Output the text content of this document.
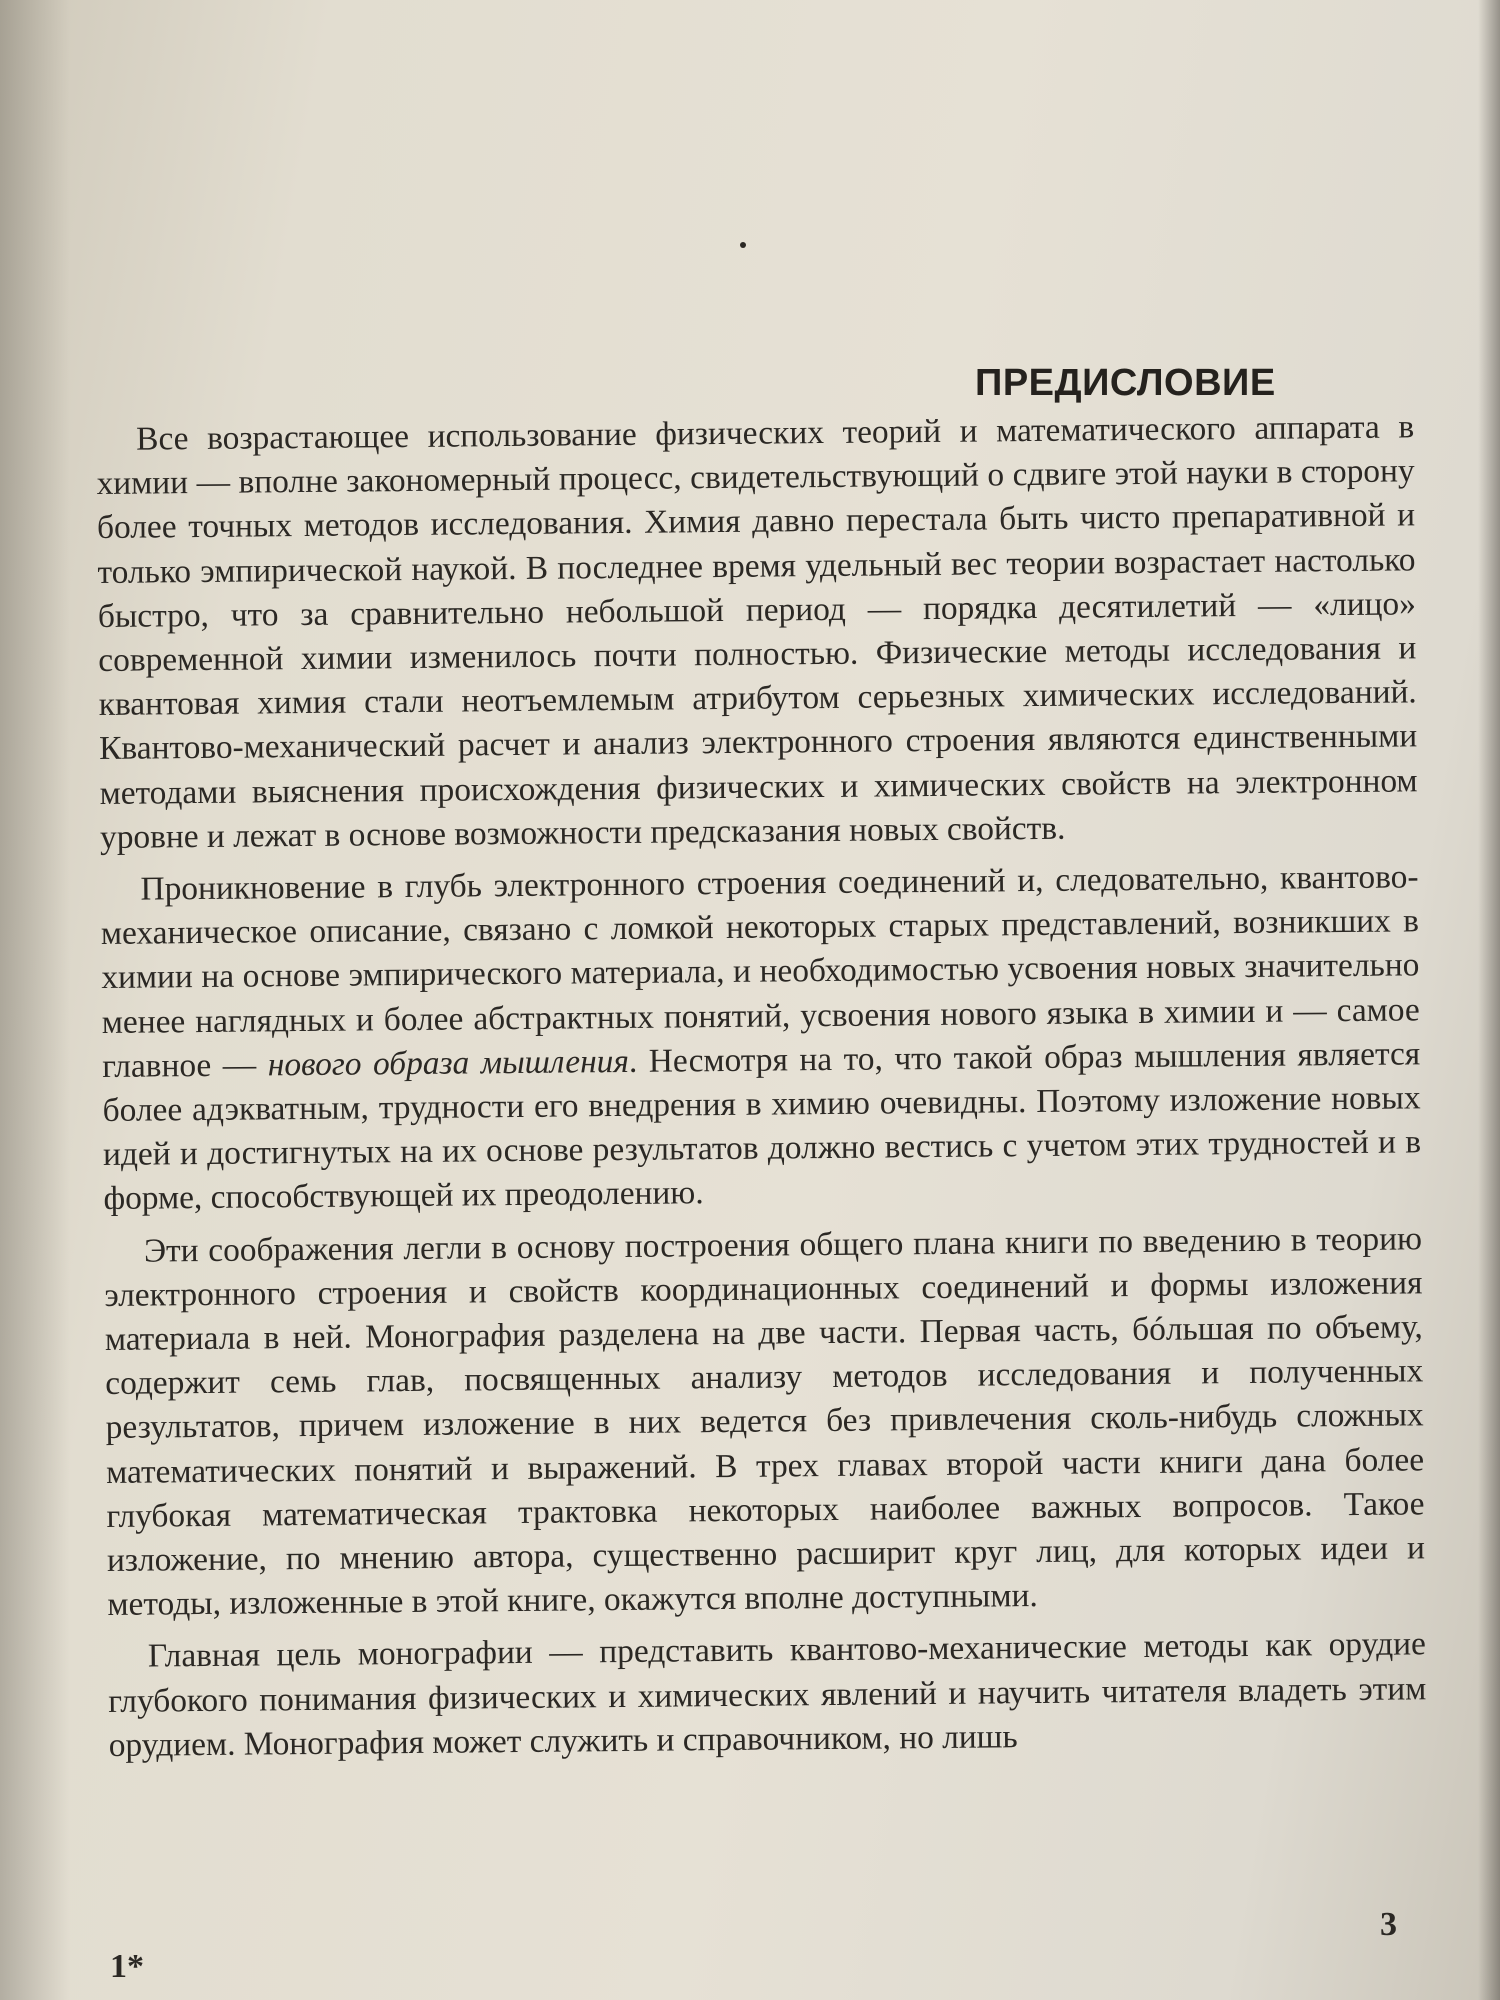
ПРЕДИСЛОВИЕ

Все возрастающее использование физических теорий и математического аппарата в химии — вполне закономерный процесс, свидетельствующий о сдвиге этой науки в сторону более точных методов исследования. Химия давно перестала быть чисто препаративной и только эмпирической наукой. В последнее время удельный вес теории возрастает настолько быстро, что за сравнительно небольшой период — порядка десятилетий — «лицо» современной химии изменилось почти полностью. Физические методы исследования и квантовая химия стали неотъемлемым атрибутом серьезных химических исследований. Квантово-механический расчет и анализ электронного строения являются единственными методами выяснения происхождения физических и химических свойств на электронном уровне и лежат в основе возможности предсказания новых свойств.

Проникновение в глубь электронного строения соединений и, следовательно, квантово-механическое описание, связано с ломкой некоторых старых представлений, возникших в химии на основе эмпирического материала, и необходимостью усвоения новых значительно менее наглядных и более абстрактных понятий, усвоения нового языка в химии и — самое главное — нового образа мышления. Несмотря на то, что такой образ мышления является более адэкватным, трудности его внедрения в химию очевидны. Поэтому изложение новых идей и достигнутых на их основе результатов должно вестись с учетом этих трудностей и в форме, способствующей их преодолению.

Эти соображения легли в основу построения общего плана книги по введению в теорию электронного строения и свойств координационных соединений и формы изложения материала в ней. Монография разделена на две части. Первая часть, бóльшая по объему, содержит семь глав, посвященных анализу методов исследования и полученных результатов, причем изложение в них ведется без привлечения сколь-нибудь сложных математических понятий и выражений. В трех главах второй части книги дана более глубокая математическая трактовка некоторых наиболее важных вопросов. Такое изложение, по мнению автора, существенно расширит круг лиц, для которых идеи и методы, изложенные в этой книге, окажутся вполне доступными.

Главная цель монографии — представить квантово-механические методы как орудие глубокого понимания физических и химических явлений и научить читателя владеть этим орудием. Монография может служить и справочником, но лишь

1*
3
